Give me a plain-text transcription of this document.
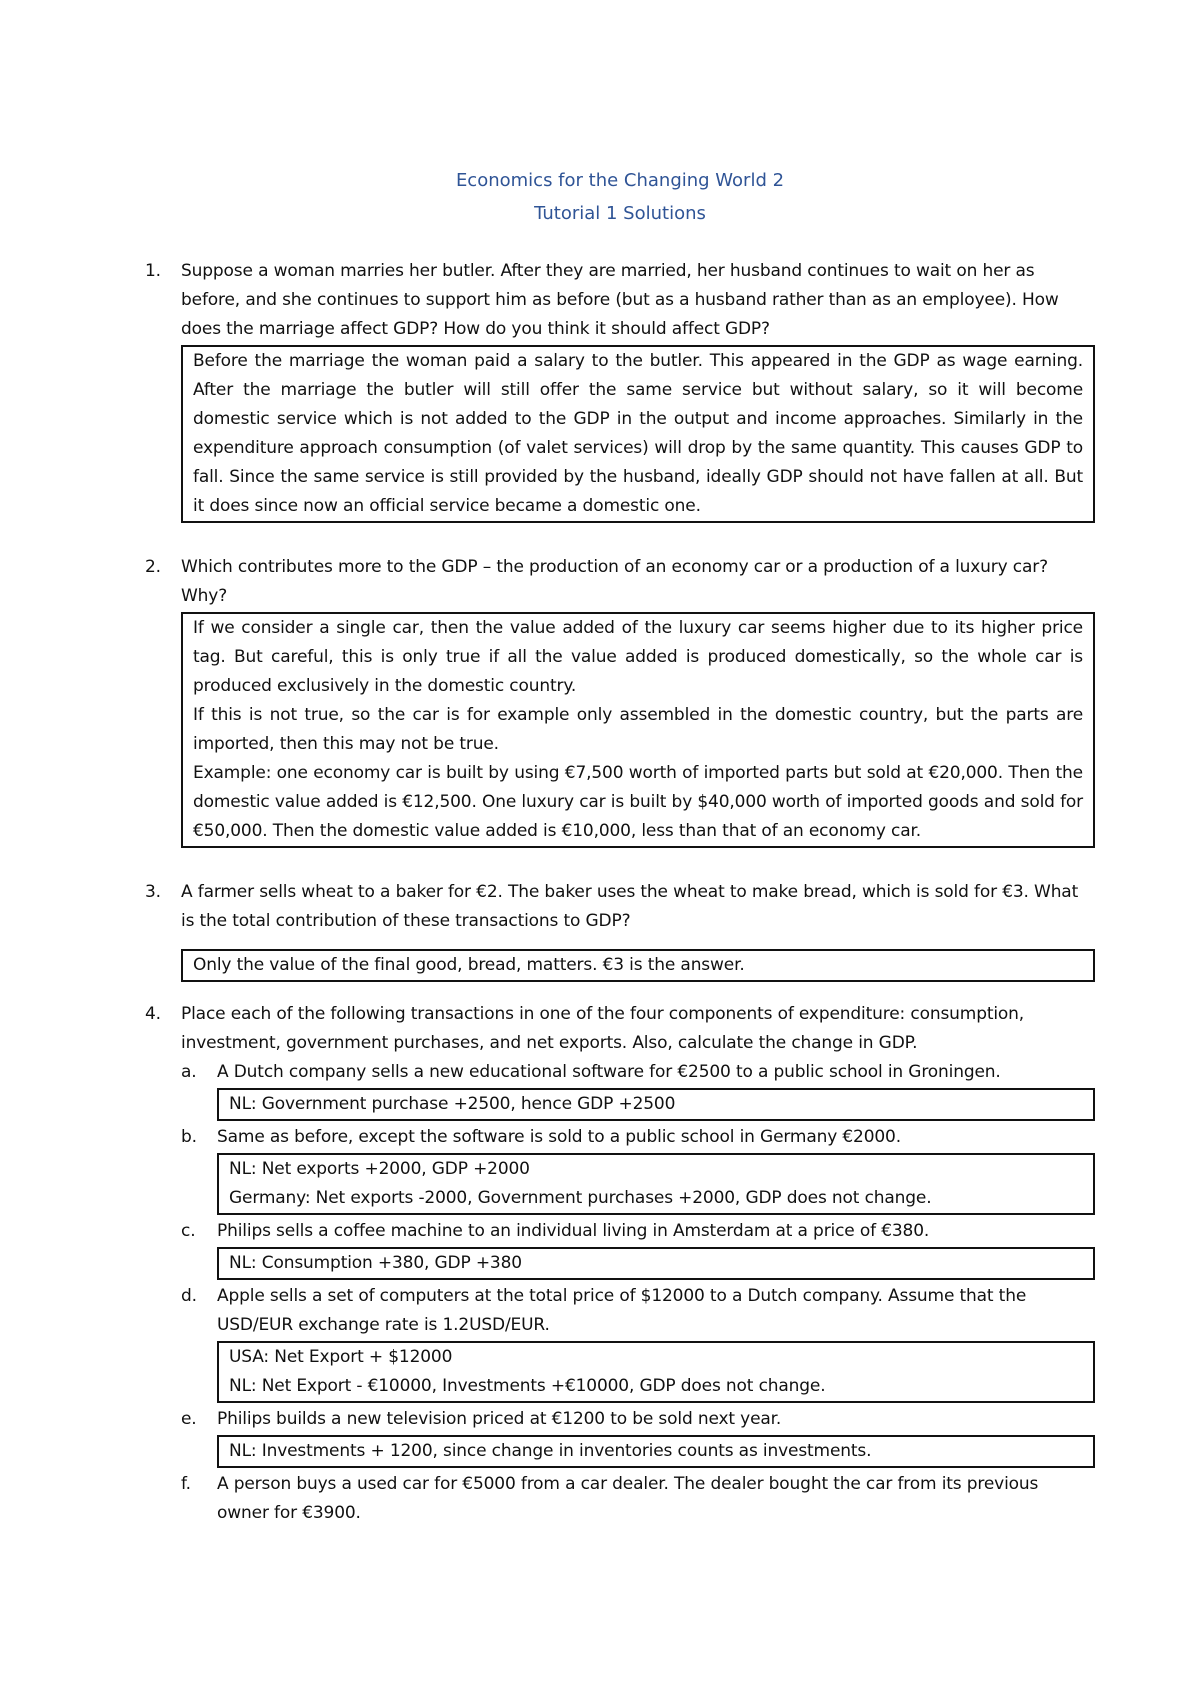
Economics for the Changing World 2

Tutorial 1 Solutions

1.	Suppose a woman marries her butler. After they are married, her husband continues to wait on her as before, and she continues to support him as before (but as a husband rather than as an employee). How does the marriage affect GDP? How do you think it should affect GDP?

Before the marriage the woman paid a salary to the butler. This appeared in the GDP as wage earning. After the marriage the butler will still offer the same service but without salary, so it will become domestic service which is not added to the GDP in the output and income approaches. Similarly in the expenditure approach consumption (of valet services) will drop by the same quantity. This causes GDP to fall. Since the same service is still provided by the husband, ideally GDP should not have fallen at all. But it does since now an official service became a domestic one.

2.	Which contributes more to the GDP – the production of an economy car or a production of a luxury car? Why?

If we consider a single car, then the value added of the luxury car seems higher due to its higher price tag. But careful, this is only true if all the value added is produced domestically, so the whole car is produced exclusively in the domestic country.

If this is not true, so the car is for example only assembled in the domestic country, but the parts are imported, then this may not be true.

Example: one economy car is built by using €7,500 worth of imported parts but sold at €20,000. Then the domestic value added is €12,500. One luxury car is built by $40,000 worth of imported goods and sold for €50,000. Then the domestic value added is €10,000, less than that of an economy car.

3.	A farmer sells wheat to a baker for €2. The baker uses the wheat to make bread, which is sold for €3. What is the total contribution of these transactions to GDP?

Only the value of the final good, bread, matters. €3 is the answer.

4.	Place each of the following transactions in one of the four components of expenditure: consumption, investment, government purchases, and net exports. Also, calculate the change in GDP.

a.	A Dutch company sells a new educational software for €2500 to a public school in Groningen.

NL: Government purchase +2500, hence GDP +2500

b.	Same as before, except the software is sold to a public school in Germany €2000.

NL: Net exports +2000, GDP +2000

Germany: Net exports -2000, Government purchases +2000, GDP does not change.

c.	Philips sells a coffee machine to an individual living in Amsterdam at a price of €380.

NL: Consumption +380, GDP +380

d.	Apple sells a set of computers at the total price of $12000 to a Dutch company. Assume that the USD/EUR exchange rate is 1.2USD/EUR.

USA: Net Export + $12000

NL: Net Export - €10000, Investments +€10000, GDP does not change.

e.	Philips builds a new television priced at €1200 to be sold next year.

NL: Investments + 1200, since change in inventories counts as investments.

f.	A person buys a used car for €5000 from a car dealer. The dealer bought the car from its previous owner for €3900.
